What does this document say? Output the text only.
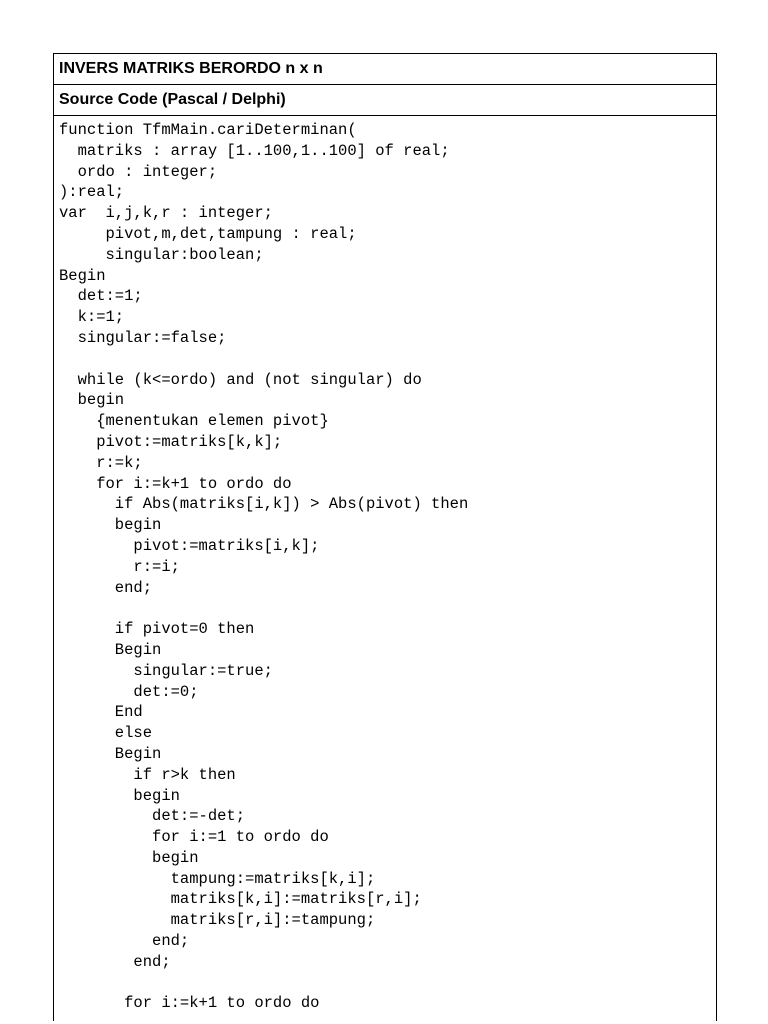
INVERS MATRIKS BERORDO n x n
Source Code (Pascal / Delphi)
function TfmMain.cariDeterminan(
matriks : array [1..100,1..100] of real;
ordo : integer;
):real;
var  i,j,k,r : integer;
pivot,m,det,tampung : real;
singular:boolean;
Begin
det:=1;
k:=1;
singular:=false;
while (k<=ordo) and (not singular) do
begin
{menentukan elemen pivot}
pivot:=matriks[k,k];
r:=k;
for i:=k+1 to ordo do
if Abs(matriks[i,k]) > Abs(pivot) then
begin
pivot:=matriks[i,k];
r:=i;
end;
if pivot=0 then
Begin
singular:=true;
det:=0;
End
else
Begin
if r>k then
begin
det:=-det;
for i:=1 to ordo do
begin
tampung:=matriks[k,i];
matriks[k,i]:=matriks[r,i];
matriks[r,i]:=tampung;
end;
end;
for i:=k+1 to ordo do
